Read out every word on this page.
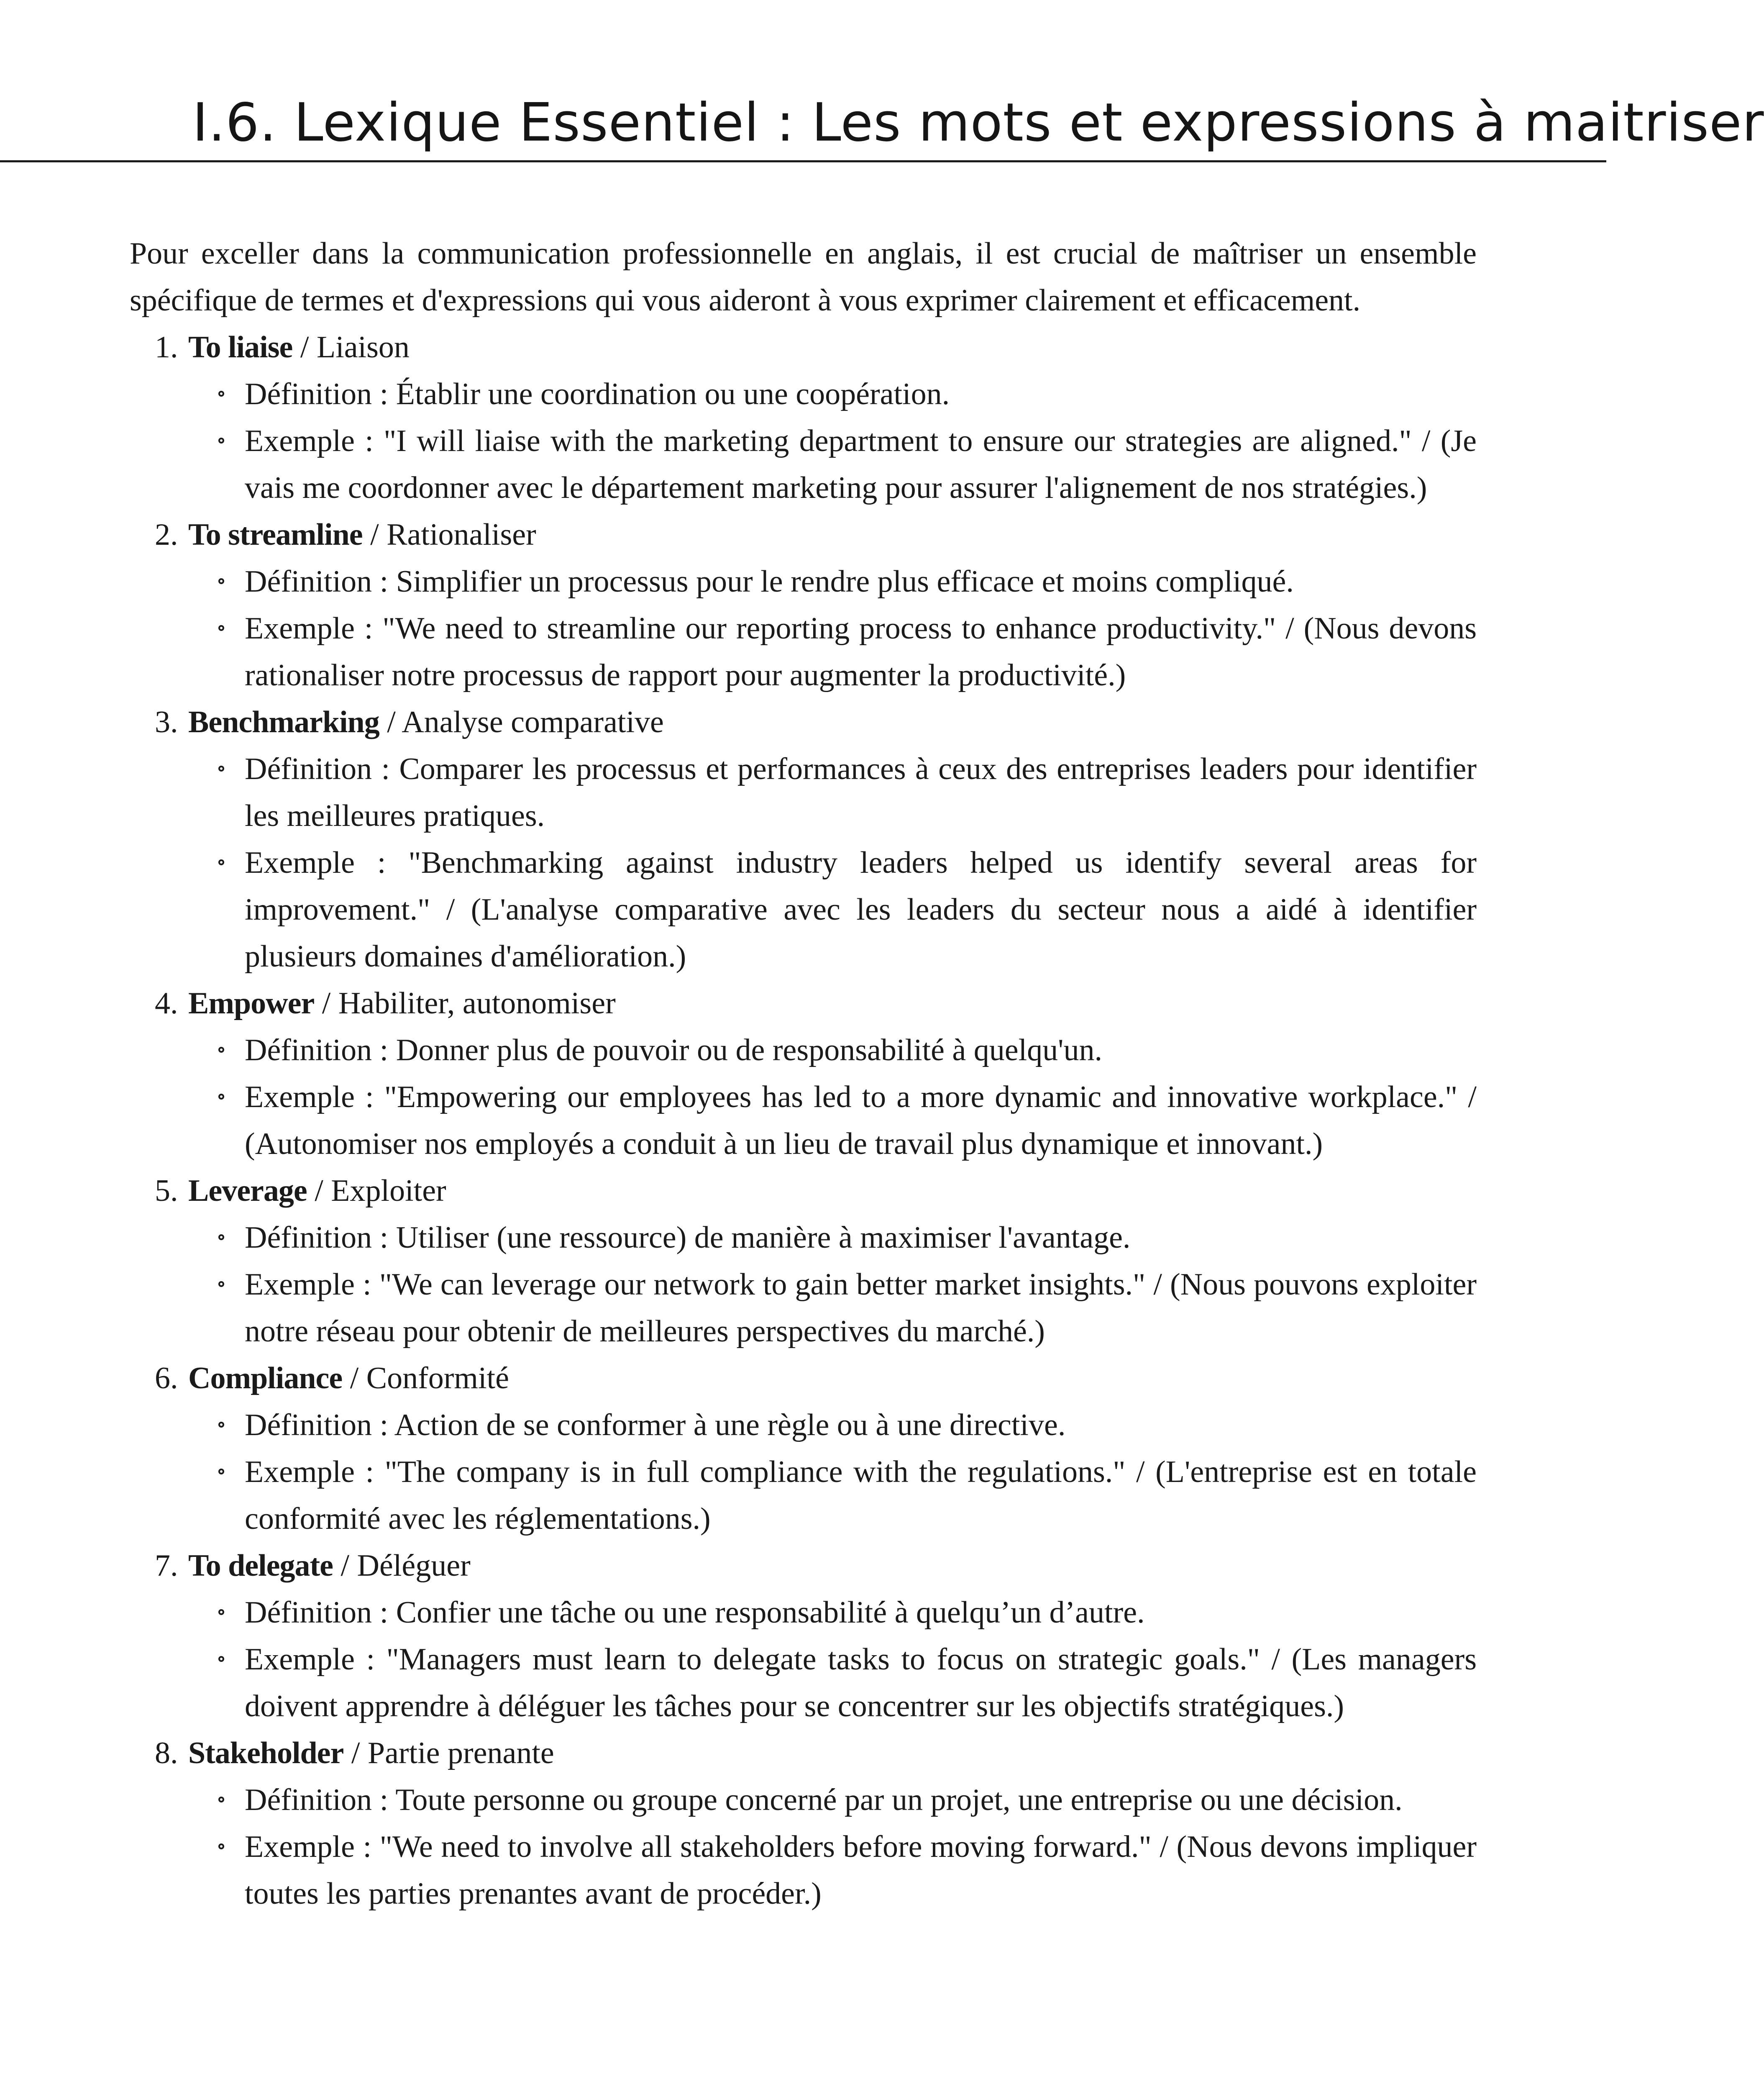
I.6. Lexique Essentiel : Les mots et expressions à maitriser

Pour exceller dans la communication professionnelle en anglais, il est crucial de maîtriser un ensemble spécifique de termes et d'expressions qui vous aideront à vous exprimer clairement et efficacement.

1. To liaise / Liaison
Définition : Établir une coordination ou une coopération.
Exemple : "I will liaise with the marketing department to ensure our strategies are aligned." / (Je vais me coordonner avec le département marketing pour assurer l'alignement de nos stratégies.)
2. To streamline / Rationaliser
Définition : Simplifier un processus pour le rendre plus efficace et moins compliqué.
Exemple : "We need to streamline our reporting process to enhance productivity." / (Nous devons rationaliser notre processus de rapport pour augmenter la productivité.)
3. Benchmarking / Analyse comparative
Définition : Comparer les processus et performances à ceux des entreprises leaders pour identifier les meilleures pratiques.
Exemple : "Benchmarking against industry leaders helped us identify several areas for improvement." / (L'analyse comparative avec les leaders du secteur nous a aidé à identifier plusieurs domaines d'amélioration.)
4. Empower / Habiliter, autonomiser
Définition : Donner plus de pouvoir ou de responsabilité à quelqu'un.
Exemple : "Empowering our employees has led to a more dynamic and innovative workplace." / (Autonomiser nos employés a conduit à un lieu de travail plus dynamique et innovant.)
5. Leverage / Exploiter
Définition : Utiliser (une ressource) de manière à maximiser l'avantage.
Exemple : "We can leverage our network to gain better market insights." / (Nous pouvons exploiter notre réseau pour obtenir de meilleures perspectives du marché.)
6. Compliance / Conformité
Définition : Action de se conformer à une règle ou à une directive.
Exemple : "The company is in full compliance with the regulations." / (L'entreprise est en totale conformité avec les réglementations.)
7. To delegate / Déléguer
Définition : Confier une tâche ou une responsabilité à quelqu’un d’autre.
Exemple : "Managers must learn to delegate tasks to focus on strategic goals." / (Les managers doivent apprendre à déléguer les tâches pour se concentrer sur les objectifs stratégiques.)
8. Stakeholder / Partie prenante
Définition : Toute personne ou groupe concerné par un projet, une entreprise ou une décision.
Exemple : "We need to involve all stakeholders before moving forward." / (Nous devons impliquer toutes les parties prenantes avant de procéder.)
